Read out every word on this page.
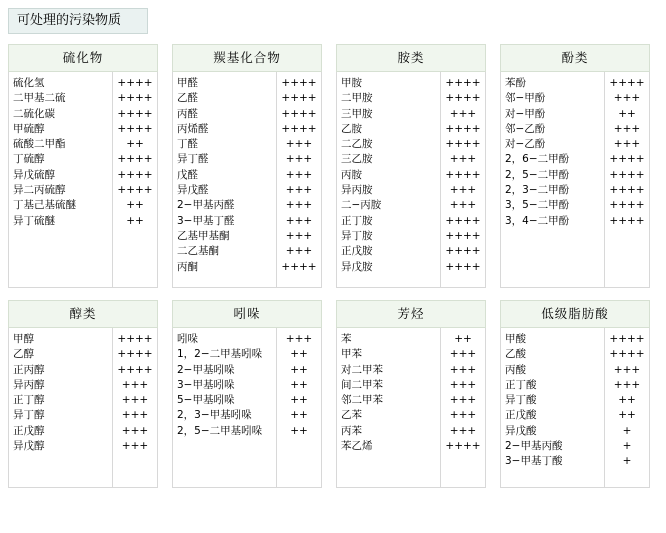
可处理的污染物质
硫化物
硫化氢
二甲基二硫
二硫化碳
甲硫醇
硫酸二甲酯
丁硫醇
异戊硫醇
异二丙硫醇
丁基己基硫醚
异丁硫醚
++++
++++
++++
++++
++
++++
++++
++++
++
++
羰基化合物
甲醛
乙醛
丙醛
丙烯醛
丁醛
异丁醛
戊醛
异戊醛
2−甲基丙醛
3−甲基丁醛
乙基甲基酮
二乙基酮
丙酮
++++
++++
++++
++++
+++
+++
+++
+++
+++
+++
+++
+++
++++
胺类
甲胺
二甲胺
三甲胺
乙胺
二乙胺
三乙胺
丙胺
异丙胺
二−丙胺
正丁胺
异丁胺
正戊胺
异戊胺
++++
++++
+++
++++
++++
+++
++++
+++
+++
++++
++++
++++
++++
酚类
苯酚
邻−甲酚
对−甲酚
邻−乙酚
对−乙酚
2，6−二甲酚
2，5−二甲酚
2，3−二甲酚
3，5−二甲酚
3，4−二甲酚
++++
+++
++
+++
+++
++++
++++
++++
++++
++++
醇类
甲醇
乙醇
正丙醇
异丙醇
正丁醇
异丁醇
正戊醇
异戊醇
++++
++++
++++
+++
+++
+++
+++
+++
吲哚
吲哚
1，2−二甲基吲哚
2−甲基吲哚
3−甲基吲哚
5−甲基吲哚
2，3−甲基吲哚
2，5−二甲基吲哚
+++
++
++
++
++
++
++
芳烃
苯
甲苯
对二甲苯
间二甲苯
邻二甲苯
乙苯
丙苯
苯乙烯
++
+++
+++
+++
+++
+++
+++
++++
低级脂肪酸
甲酸
乙酸
丙酸
正丁酸
异丁酸
正戊酸
异戊酸
2−甲基丙酸
3−甲基丁酸
++++
++++
+++
+++
++
++
+
+
+
